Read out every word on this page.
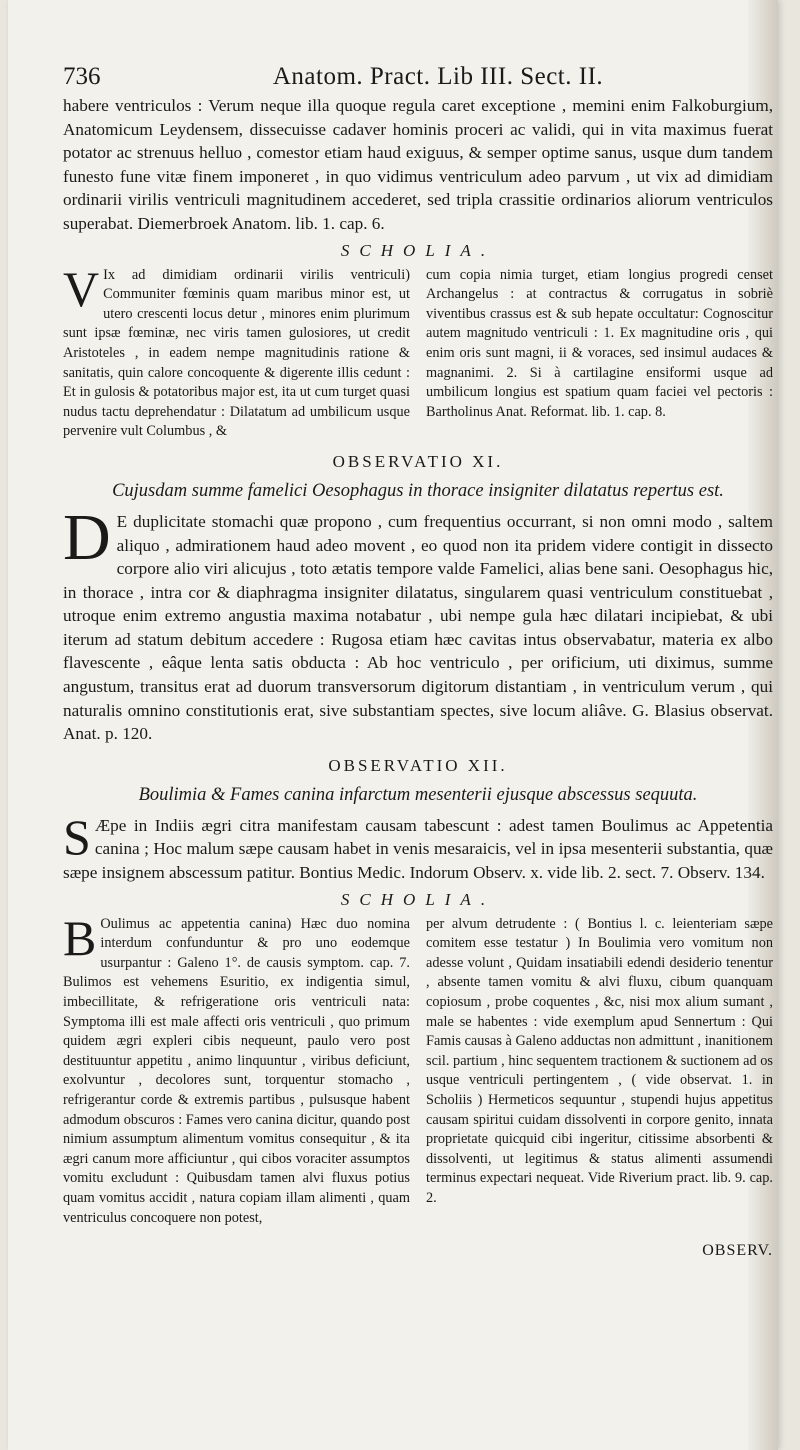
736	Anatom. Pract. Lib III. Sect. II.

habere ventriculos : Verum neque illa quoque regula caret exceptione , memini enim Falkoburgium, Anatomicum Leydensem, dissecuisse cadaver hominis proceri ac validi, qui in vita maximus fuerat potator ac strenuus helluo , comestor etiam haud exiguus, & semper optime sanus, usque dum tandem funesto fune vitæ finem imponeret , in quo vidimus ventriculum adeo parvum , ut vix ad dimidiam ordinarii virilis ventriculi magnitudinem accederet, sed tripla crassitie ordinarios aliorum ventriculos superabat. Diemerbroek Anatom. lib. 1. cap. 6.

SCHOLIA.
V Ix ad dimidiam ordinarii virilis ventriculi) Communiter fœminis quam maribus minor est, ut utero crescenti locus detur , minores enim plurimum sunt ipsæ fœminæ, nec viris tamen gulosiores, ut credit Aristoteles , in eadem nempe magnitudinis ratione & sanitatis, quin calore concoquente & digerente illis cedunt : Et in gulosis & potatoribus major est, ita ut cum turget quasi nudus tactu deprehendatur : Dilatatum ad umbilicum usque pervenire vult Columbus , &
cum copia nimia turget, etiam longius progredi censet Archangelus : at contractus & corrugatus in sobriè viventibus crassus est & sub hepate occultatur: Cognoscitur autem magnitudo ventriculi : 1. Ex magnitudine oris , qui enim oris sunt magni, ii & voraces, sed insimul audaces & magnanimi. 2. Si à cartilagine ensiformi usque ad umbilicum longius est spatium quam faciei vel pectoris : Bartholinus Anat. Reformat. lib. 1. cap. 8.
OBSERVATIO XI.
Cujusdam summe famelici Oesophagus in thorace insigniter dilatatus repertus est.

D E duplicitate stomachi quæ propono , cum frequentius occurrant, si non omni modo , saltem aliquo , admirationem haud adeo movent , eo quod non ita pridem videre contigit in dissecto corpore alio viri alicujus , toto ætatis tempore valde Famelici, alias bene sani. Oesophagus hic, in thorace , intra cor & diaphragma insigniter dilatatus, singularem quasi ventriculum constituebat , utroque enim extremo angustia maxima notabatur , ubi nempe gula hæc dilatari incipiebat, & ubi iterum ad statum debitum accedere : Rugosa etiam hæc cavitas intus observabatur, materia ex albo flavescente , eâque lenta satis obducta : Ab hoc ventriculo , per orificium, uti diximus, summe angustum, transitus erat ad duorum transversorum digitorum distantiam , in ventriculum verum , qui naturalis omnino constitutionis erat, sive substantiam spectes, sive locum aliâve. G. Blasius observat. Anat. p. 120.

OBSERVATIO XII.
Boulimia & Fames canina infarctum mesenterii ejusque abscessus sequuta.

S Æpe in Indiis ægri citra manifestam causam tabescunt : adest tamen Boulimus ac Appetentia canina ; Hoc malum sæpe causam habet in venis mesaraicis, vel in ipsa mesenterii substantia, quæ sæpe insignem abscessum patitur. Bontius Medic. Indorum Observ. x. vide lib. 2. sect. 7. Observ. 134.

SCHOLIA.
B Oulimus ac appetentia canina) Hæc duo nomina interdum confunduntur & pro uno eodemque usurpantur : Galeno 1°. de causis symptom. cap. 7. Bulimos est vehemens Esuritio, ex indigentia simul, imbecillitate, & refrigeratione oris ventriculi nata: Symptoma illi est male affecti oris ventriculi , quo primum quidem ægri expleri cibis nequeunt, paulo vero post destituuntur appetitu , animo linquuntur , viribus deficiunt, exolvuntur , decolores sunt, torquentur stomacho , refrigerantur corde & extremis partibus , pulsusque habent admodum obscuros : Fames vero canina dicitur, quando post nimium assumptum alimentum vomitus consequitur , & ita ægri canum more afficiuntur , qui cibos voraciter assumptos vomitu excludunt : Quibusdam tamen alvi fluxus potius quam vomitus accidit , natura copiam illam alimenti , quam ventriculus concoquere non potest,
per alvum detrudente : ( Bontius l. c. leienteriam sæpe comitem esse testatur ) In Boulimia vero vomitum non adesse volunt , Quidam insatiabili edendi desiderio tenentur , absente tamen vomitu & alvi fluxu, cibum quanquam copiosum , probe coquentes , &c, nisi mox alium sumant , male se habentes : vide exemplum apud Sennertum : Qui Famis causas à Galeno adductas non admittunt , inanitionem scil. partium , hinc sequentem tractionem & suctionem ad os usque ventriculi pertingentem , ( vide observat. 1. in Scholiis ) Hermeticos sequuntur , stupendi hujus appetitus causam spiritui cuidam dissolventi in corpore genito, innata proprietate quicquid cibi ingeritur, citissime absorbenti & dissolventi, ut legitimus & status alimenti assumendi terminus expectari nequeat. Vide Riverium pract. lib. 9. cap. 2.
OBSERV.
